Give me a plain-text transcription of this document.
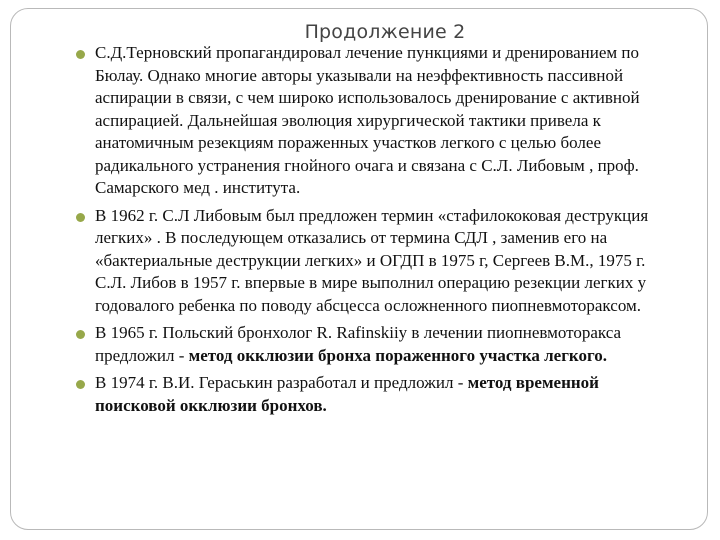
Продолжение 2
С.Д.Терновский пропагандировал лечение пункциями и дренированием по Бюлау. Однако многие авторы указывали на неэффективность пассивной аспирации в связи, с чем широко использовалось дренирование с активной аспирацией. Дальнейшая эволюция хирургической тактики привела к анатомичным резекциям пораженных участков легкого с целью более радикального устранения гнойного очага и связана с С.Л. Либовым , проф. Самарского мед . института.
В 1962 г. С.Л Либовым был предложен термин «стафилококовая деструкция легких» . В последующем отказались от термина СДЛ , заменив его на «бактериальные деструкции легких» и ОГДП в 1975 г, Сергеев В.М., 1975 г. С.Л. Либов в 1957 г. впервые в мире выполнил операцию резекции легких у годовалого ребенка по поводу абсцесса осложненного пиопневмотораксом.
В 1965 г. Польский бронхолог R. Rafinskiiy в лечении пиопневмоторакса предложил - метод окклюзии бронха пораженного участка легкого.
В 1974 г. В.И. Гераськин разработал и предложил - метод временной поисковой окклюзии бронхов.
